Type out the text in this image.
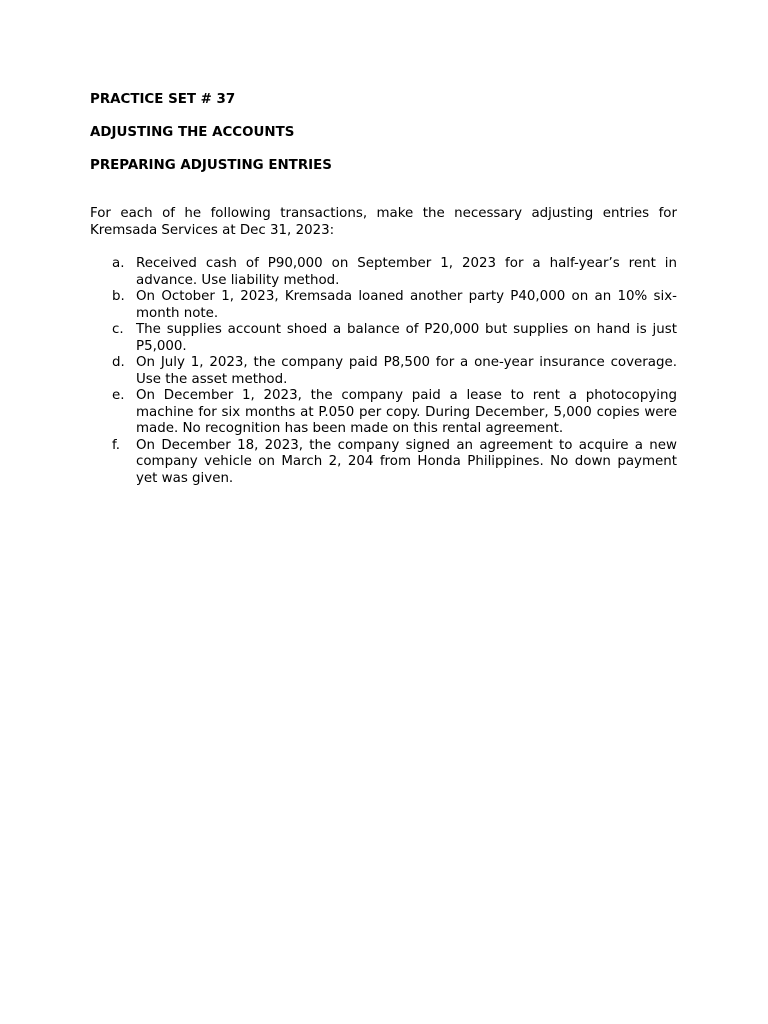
PRACTICE SET # 37

ADJUSTING THE ACCOUNTS

PREPARING ADJUSTING ENTRIES

For each of he following transactions, make the necessary adjusting entries for Kremsada Services at Dec 31, 2023:

a. Received cash of P90,000 on September 1, 2023 for a half-year’s rent in advance. Use liability method.
b. On October 1, 2023, Kremsada loaned another party P40,000 on an 10% six-month note.
c. The supplies account shoed a balance of P20,000 but supplies on hand is just P5,000.
d. On July 1, 2023, the company paid P8,500 for a one-year insurance coverage. Use the asset method.
e. On December 1, 2023, the company paid a lease to rent a photocopying machine for six months at P.050 per copy. During December, 5,000 copies were made. No recognition has been made on this rental agreement.
f. On December 18, 2023, the company signed an agreement to acquire a new company vehicle on March 2, 204 from Honda Philippines. No down payment yet was given.
